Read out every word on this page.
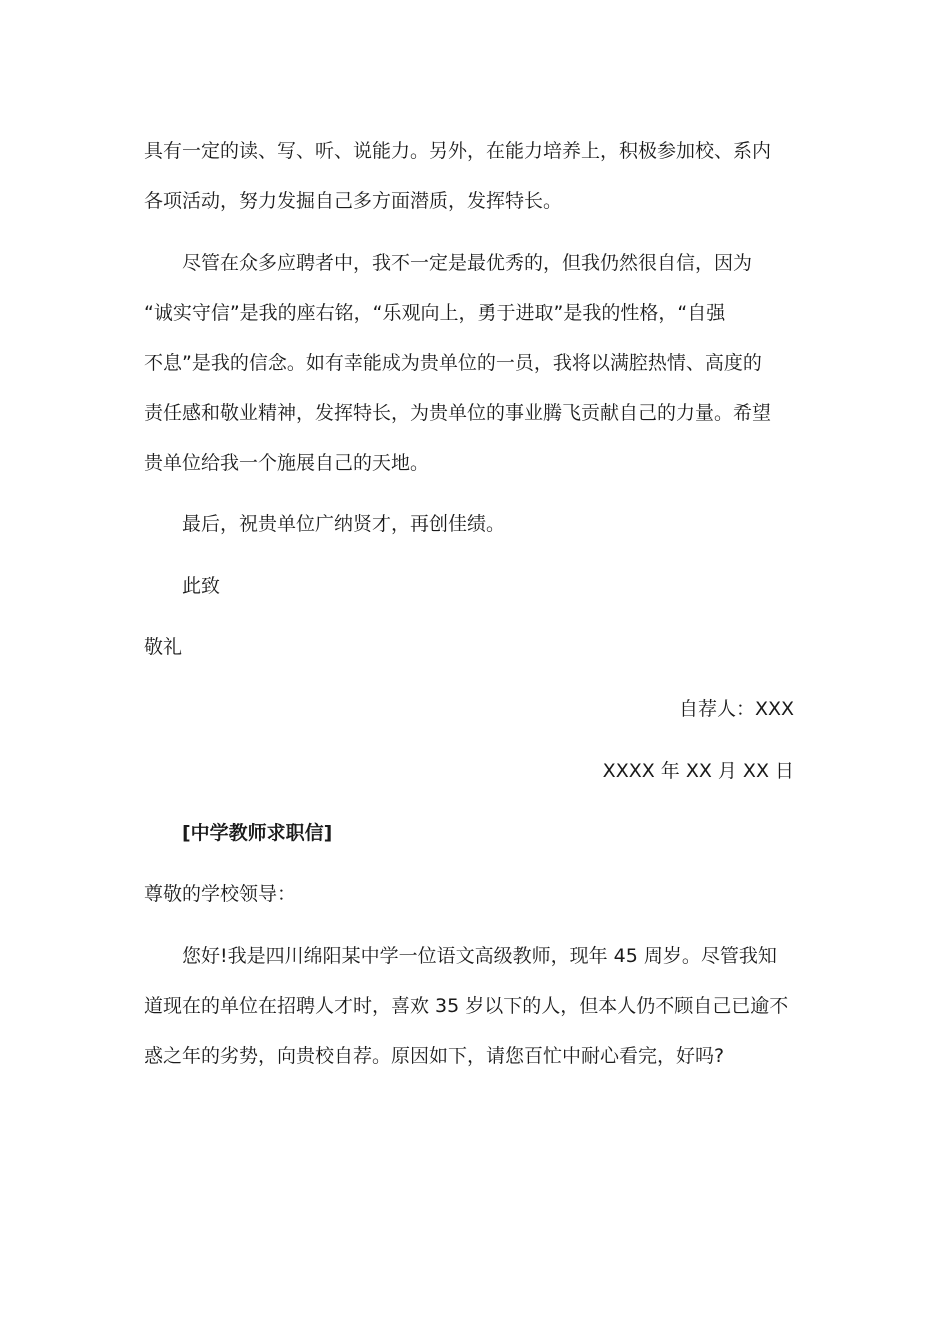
具有一定的读、写、听、说能力。另外，在能力培养上，积极参加校、系内
各项活动，努力发掘自己多方面潜质，发挥特长。
尽管在众多应聘者中，我不一定是最优秀的，但我仍然很自信，因为
“诚实守信”是我的座右铭，“乐观向上，勇于进取”是我的性格，“自强
不息”是我的信念。如有幸能成为贵单位的一员，我将以满腔热情、高度的
责任感和敬业精神，发挥特长，为贵单位的事业腾飞贡献自己的力量。希望
贵单位给我一个施展自己的天地。
最后，祝贵单位广纳贤才，再创佳绩。
此致
敬礼
自荐人：XXX
XXXX 年 XX 月 XX 日
[中学教师求职信]
尊敬的学校领导：
您好!我是四川绵阳某中学一位语文高级教师，现年 45 周岁。尽管我知
道现在的单位在招聘人才时，喜欢 35 岁以下的人，但本人仍不顾自己已逾不
惑之年的劣势，向贵校自荐。原因如下，请您百忙中耐心看完，好吗?
